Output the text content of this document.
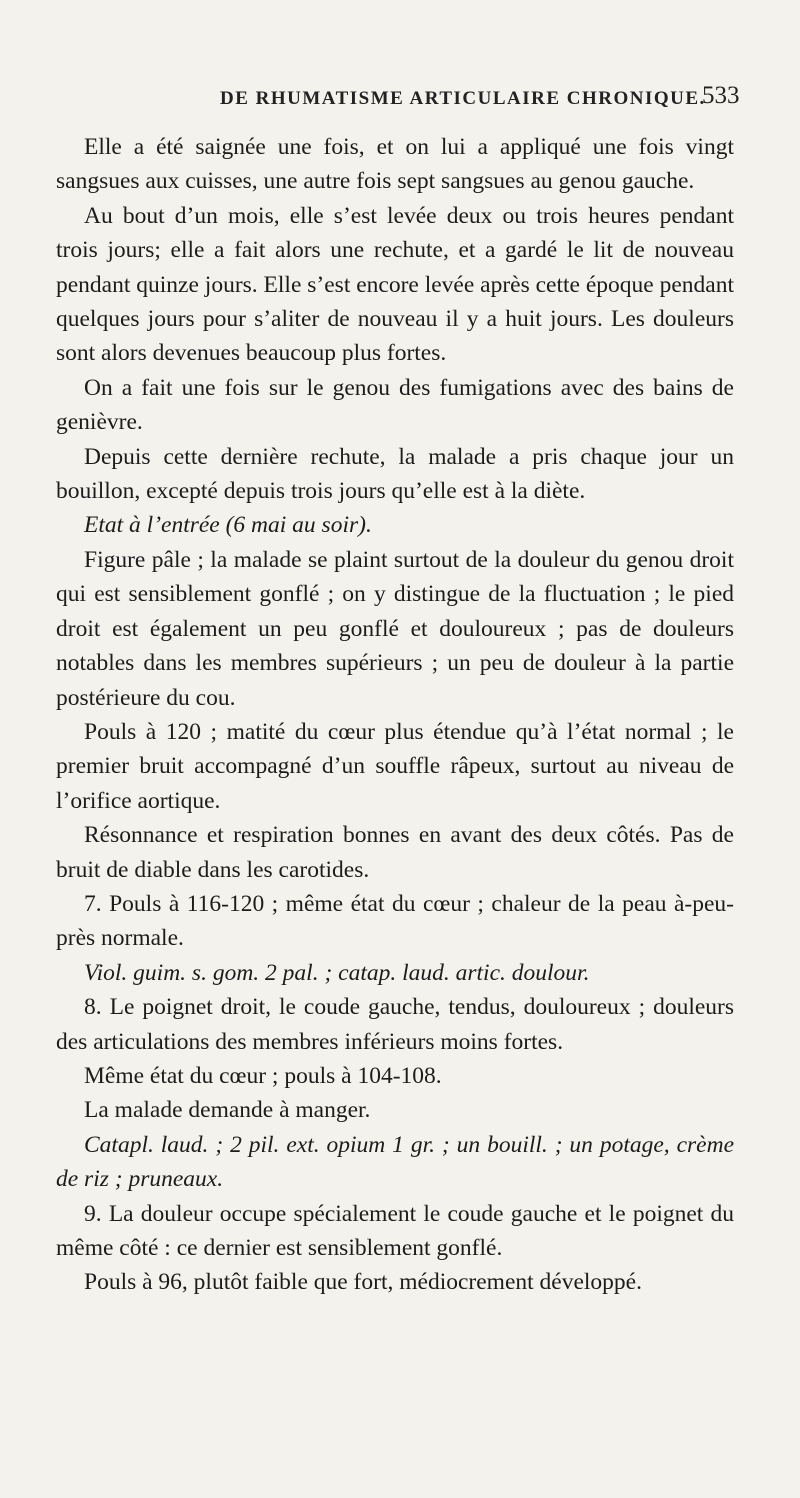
DE RHUMATISME ARTICULAIRE CHRONIQUE.
533

Elle a été saignée une fois, et on lui a appliqué une fois vingt sangsues aux cuisses, une autre fois sept sangsues au genou gauche.

Au bout d’un mois, elle s’est levée deux ou trois heures pendant trois jours; elle a fait alors une rechute, et a gardé le lit de nouveau pendant quinze jours. Elle s’est encore levée après cette époque pendant quelques jours pour s’aliter de nouveau il y a huit jours. Les douleurs sont alors devenues beaucoup plus fortes.

On a fait une fois sur le genou des fumigations avec des bains de genièvre.

Depuis cette dernière rechute, la malade a pris chaque jour un bouillon, excepté depuis trois jours qu’elle est à la diète.

Etat à l’entrée (6 mai au soir).

Figure pâle ; la malade se plaint surtout de la douleur du genou droit qui est sensiblement gonflé ; on y distingue de la fluctuation ; le pied droit est également un peu gonflé et douloureux ; pas de douleurs notables dans les membres supérieurs ; un peu de douleur à la partie postérieure du cou.

Pouls à 120 ; matité du cœur plus étendue qu’à l’état normal ; le premier bruit accompagné d’un souffle râpeux, surtout au niveau de l’orifice aortique.

Résonnance et respiration bonnes en avant des deux côtés. Pas de bruit de diable dans les carotides.

7. Pouls à 116-120 ; même état du cœur ; chaleur de la peau à-peu-près normale.

Viol. guim. s. gom. 2 pal. ; catap. laud. artic. doulour.

8. Le poignet droit, le coude gauche, tendus, douloureux ; douleurs des articulations des membres inférieurs moins fortes.

Même état du cœur ; pouls à 104-108.

La malade demande à manger.

Catapl. laud. ; 2 pil. ext. opium 1 gr. ; un bouill. ; un potage, crème de riz ; pruneaux.

9. La douleur occupe spécialement le coude gauche et le poignet du même côté : ce dernier est sensiblement gonflé.

Pouls à 96, plutôt faible que fort, médiocrement développé.
